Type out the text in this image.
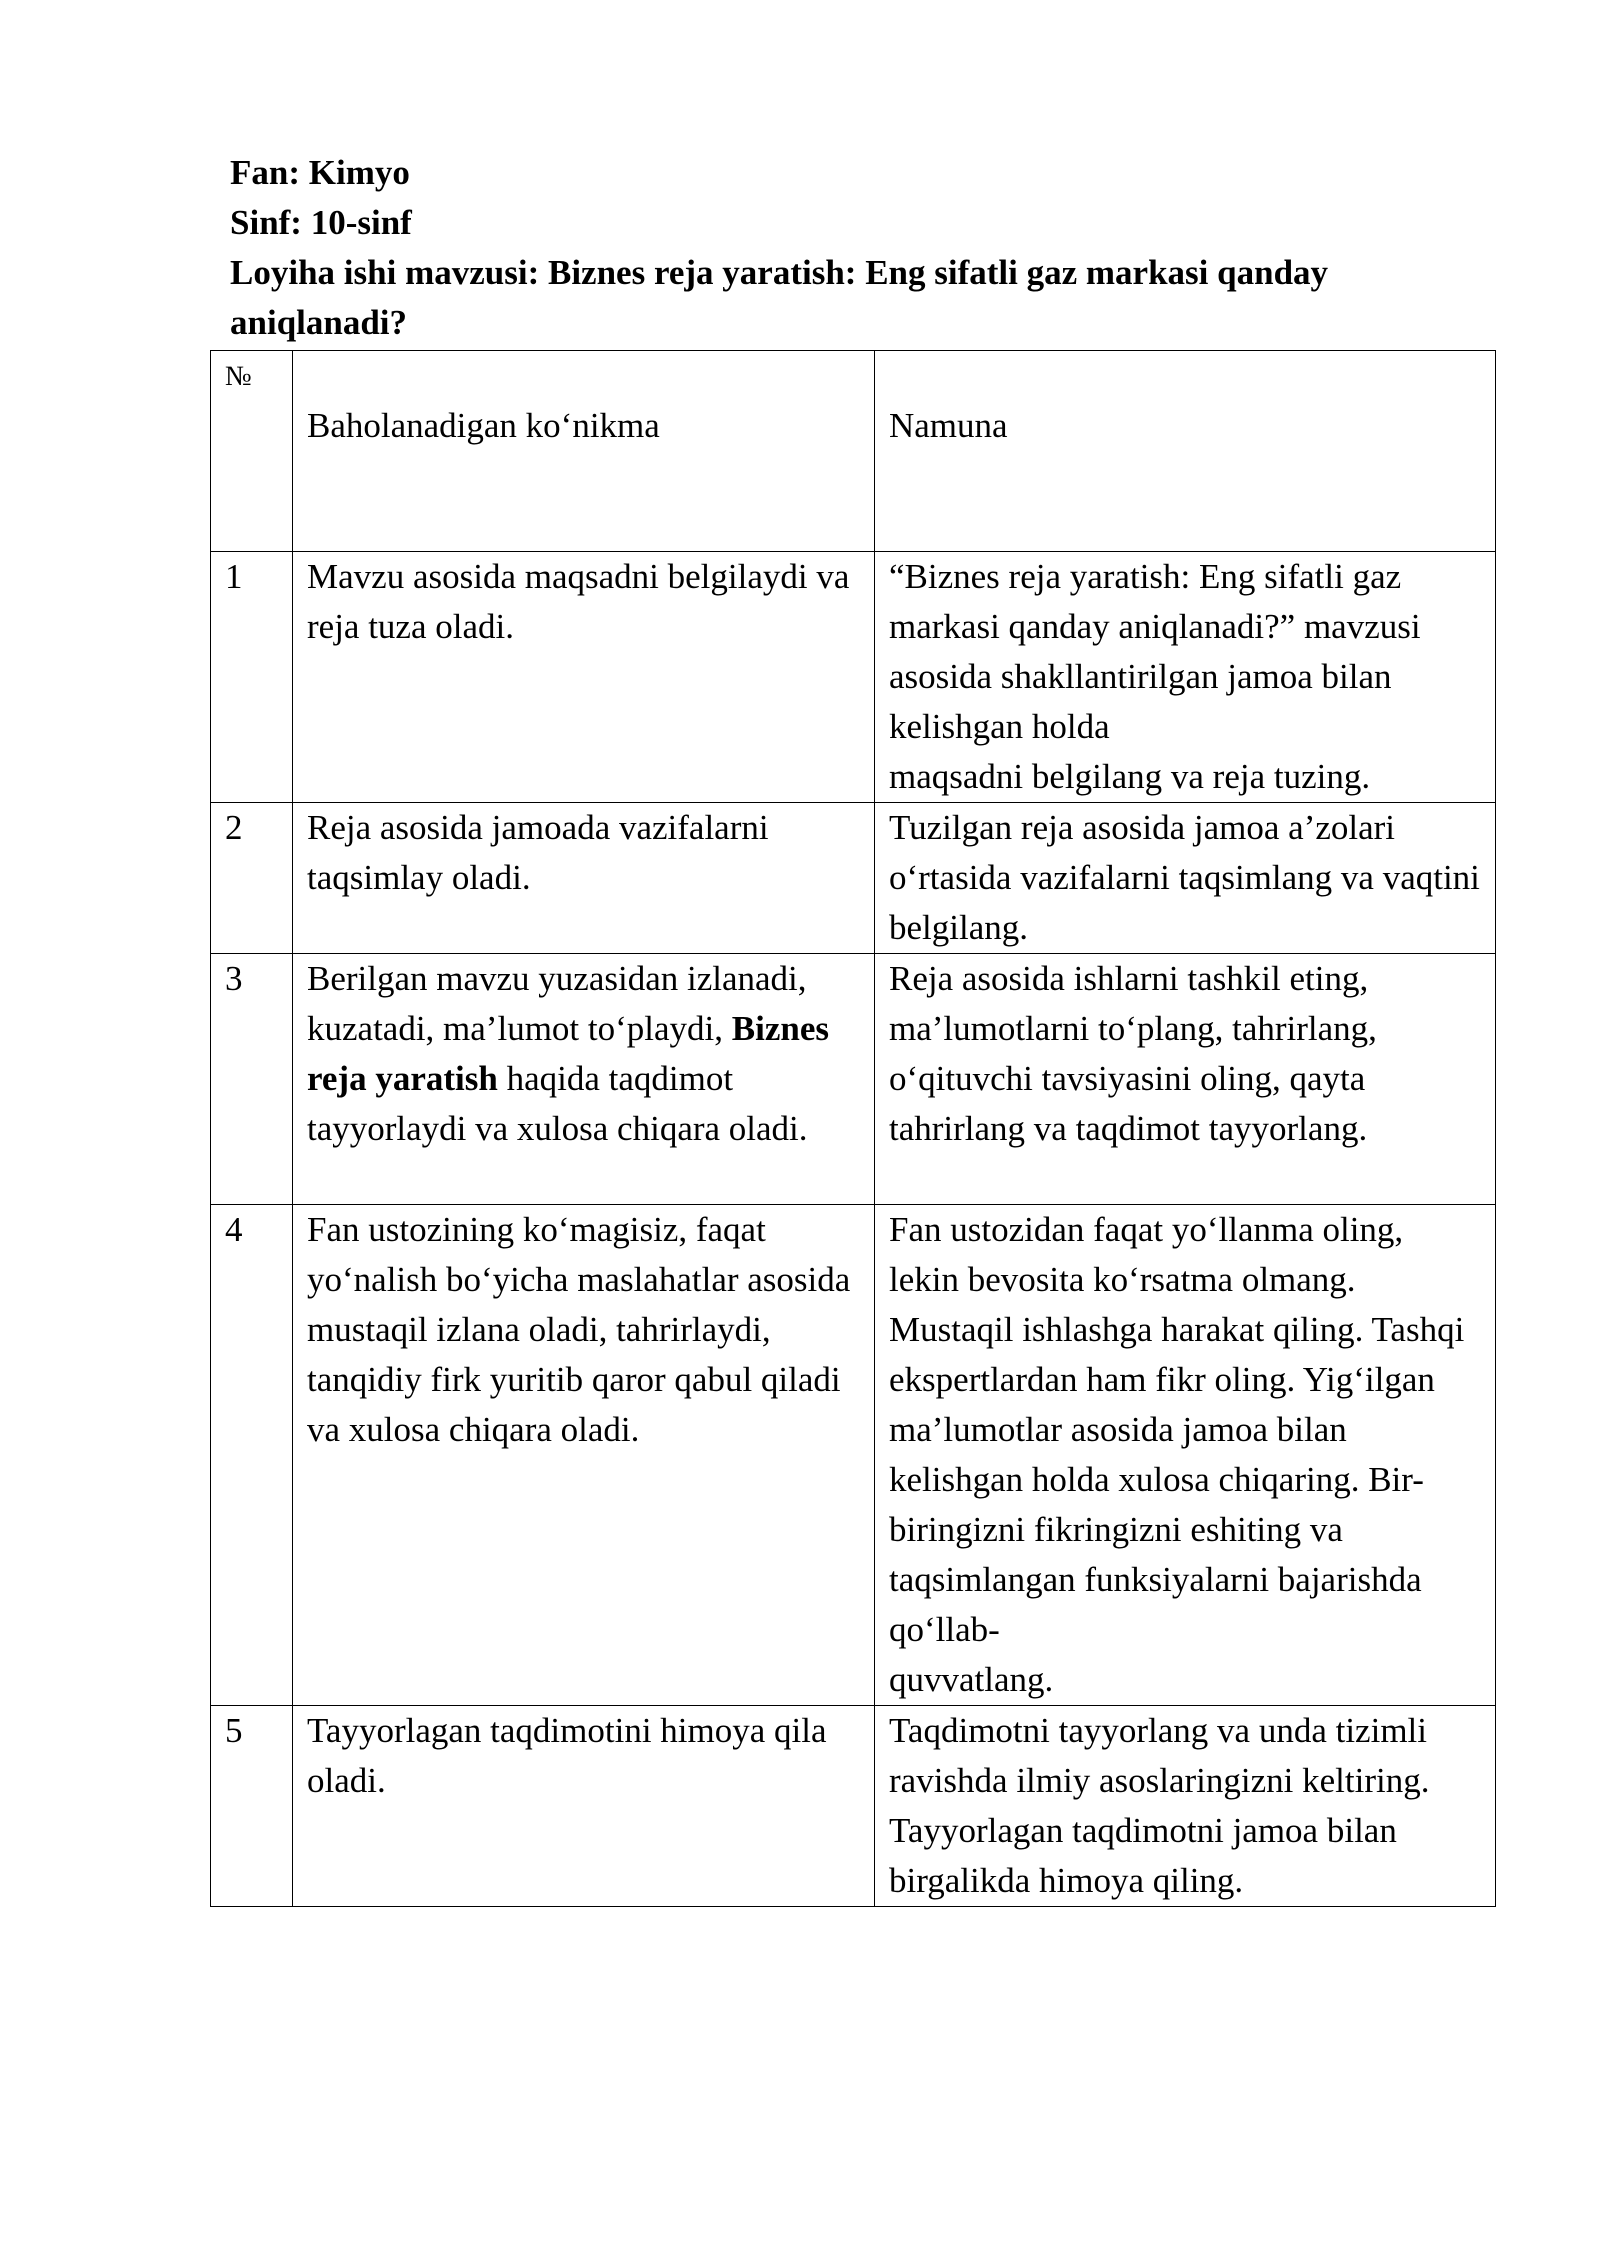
Fan: Kimyo
Sinf: 10-sinf
Loyiha ishi mavzusi: Biznes reja yaratish: Eng sifatli gaz markasi qanday
aniqlanadi?
№	Baholanadigan ko‘nikma	Namuna
1	Mavzu asosida maqsadni belgilaydi va reja tuza oladi.	“Biznes reja yaratish: Eng sifatli gaz markasi qanday aniqlanadi?” mavzusi asosida shakllantirilgan jamoa bilan kelishgan holda
maqsadni belgilang va reja tuzing.

2	Reja asosida jamoada vazifalarni taqsimlay oladi.	Tuzilgan reja asosida jamoa a’zolari o‘rtasida vazifalarni taqsimlang va vaqtini belgilang.
3	Berilgan mavzu yuzasidan izlanadi, kuzatadi, ma’lumot to‘playdi, Biznes reja yaratish haqida taqdimot tayyorlaydi va xulosa chiqara oladi.	Reja asosida ishlarni tashkil eting, ma’lumotlarni to‘plang, tahrirlang, o‘qituvchi tavsiyasini oling, qayta tahrirlang va taqdimot tayyorlang.
4	Fan ustozining ko‘magisiz, faqat yo‘nalish bo‘yicha maslahatlar asosida mustaqil izlana oladi, tahrirlaydi, tanqidiy firk yuritib qaror qabul qiladi va xulosa chiqara oladi.	Fan ustozidan faqat yo‘llanma oling, lekin bevosita ko‘rsatma olmang. Mustaqil ishlashga harakat qiling. Tashqi ekspertlardan ham fikr oling. Yig‘ilgan ma’lumotlar asosida jamoa bilan kelishgan holda xulosa chiqaring. Bir-biringizni fikringizni eshiting va taqsimlangan funksiyalarni bajarishda qo‘llab-
quvvatlang.

5	Tayyorlagan taqdimotini himoya qila oladi.	Taqdimotni tayyorlang va unda tizimli ravishda ilmiy asoslaringizni keltiring. Tayyorlagan taqdimotni jamoa bilan birgalikda himoya qiling.
